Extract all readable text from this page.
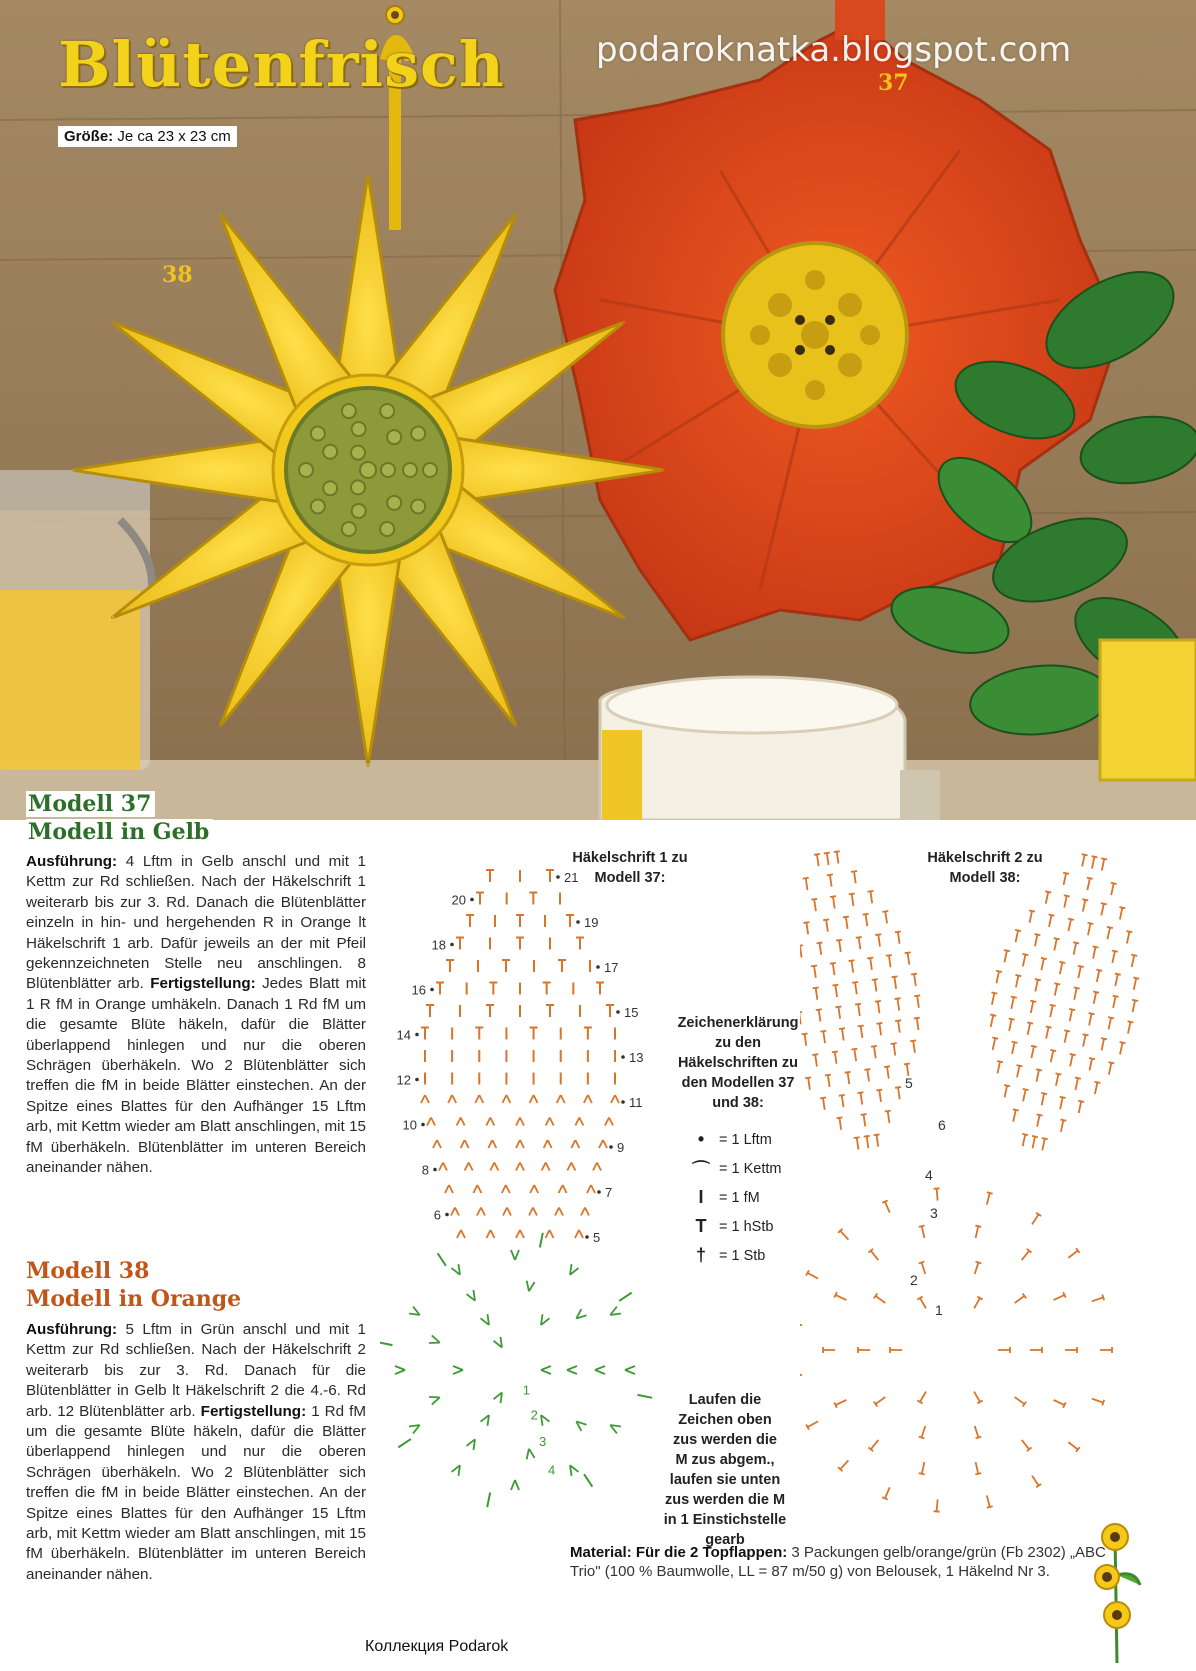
Blütenfrisch	podaroknatka.blogspot.com
Größe: Je ca 23 x 23 cm
38
37
Modell 37
Modell in Gelb
Ausführung: 4 Lftm in Gelb anschl und mit 1 Kettm zur Rd schließen. Nach der Häkelschrift 1 weiterarb bis zur 3. Rd. Danach die Blütenblätter einzeln in hin- und hergehenden R in Orange lt Häkelschrift 1 arb. Dafür jeweils an der mit Pfeil gekennzeichneten Stelle neu anschlingen. 8 Blütenblätter arb. Fertigstellung: Jedes Blatt mit 1 R fM in Orange umhäkeln. Danach 1 Rd fM um die gesamte Blüte häkeln, dafür die Blätter überlappend hinlegen und nur die oberen Schrägen überhäkeln. Wo 2 Blütenblätter sich treffen die fM in beide Blätter einstechen. An der Spitze eines Blattes für den Aufhänger 15 Lftm arb, mit Kettm wieder am Blatt anschlingen, mit 15 fM überhäkeln. Blütenblätter im unteren Bereich aneinander nähen.
Modell 38
Modell in Orange
Ausführung: 5 Lftm in Grün anschl und mit 1 Kettm zur Rd schließen. Nach der Häkelschrift 2 weiterarb bis zur 3. Rd. Danach für die Blütenblätter in Gelb lt Häkelschrift 2 die 4.-6. Rd arb. 12 Blütenblätter arb. Fertigstellung: 1 Rd fM um die gesamte Blüte häkeln, dafür die Blätter überlappend hinlegen und nur die oberen Schrägen überhäkeln. Wo 2 Blütenblätter sich treffen die fM in beide Blätter einstechen. An der Spitze eines Blattes für den Aufhänger 15 Lftm arb, mit Kettm wieder am Blatt anschlingen, mit 15 fM überhäkeln. Blütenblätter im unteren Bereich aneinander nähen.
Häkelschrift 1 zu
Modell 37:
21
20
19
18
17
16
15
14
13
12
11
10
9
8
7
6
5
4
3
2
1
Häkelschrift 2 zu
Modell 38:
5
4
3
2
1
6
Zeichenerklärung
zu den
Häkelschriften zu
den Modellen 37
und 38:
•	= 1 Lftm
⌒ = 1 Kettm
I	= 1 fM
T = 1 hStb
† = 1 Stb
Laufen die
Zeichen oben
zus werden die
M zus abgem.,
laufen sie unten
zus werden die M
in 1 Einstichstelle
gearb
Material: Für die 2 Topflappen: 3 Packungen gelb/orange/grün (Fb 2302) „ABC Trio" (100 % Baumwolle, LL = 87 m/50 g) von Belousek, 1 Häkelnd Nr 3.
Коллекция Podarok
